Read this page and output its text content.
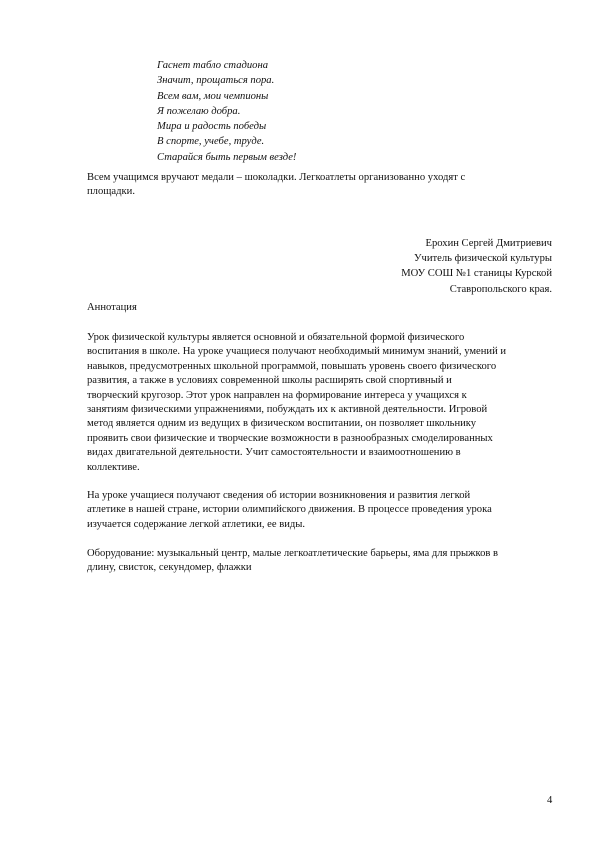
Гаснет табло стадиона
Значит, прощаться пора.
Всем вам, мои чемпионы
Я пожелаю добра.
Мира и радость победы
В спорте, учебе, труде.
Старайся быть первым везде!
Всем учащимся вручают медали – шоколадки. Легкоатлеты организованно уходят с
площадки.
Ерохин Сергей Дмитриевич
Учитель физической культуры
МОУ СОШ №1 станицы Курской
Ставропольского края.
Аннотация
Урок физической культуры является основной и обязательной формой физического
воспитания в школе. На уроке учащиеся получают необходимый минимум знаний, умений и
навыков, предусмотренных школьной программой, повышать уровень своего физического
развития, а также в условиях современной школы расширять свой спортивный и
творческий кругозор. Этот урок направлен на формирование интереса у учащихся к
занятиям физическими упражнениями, побуждать их к активной деятельности. Игровой
метод является одним из ведущих в физическом воспитании, он позволяет школьнику
проявить свои физические и творческие возможности в разнообразных смоделированных
видах двигательной деятельности. Учит самостоятельности и взаимоотношению в
коллективе.
На уроке учащиеся получают сведения об истории возникновения и развития легкой
атлетике в нашей стране, истории олимпийского движения. В процессе проведения урока
изучается содержание легкой атлетики, ее виды.
Оборудование: музыкальный центр, малые легкоатлетические барьеры, яма для прыжков в
длину, свисток, секундомер, флажки
4
